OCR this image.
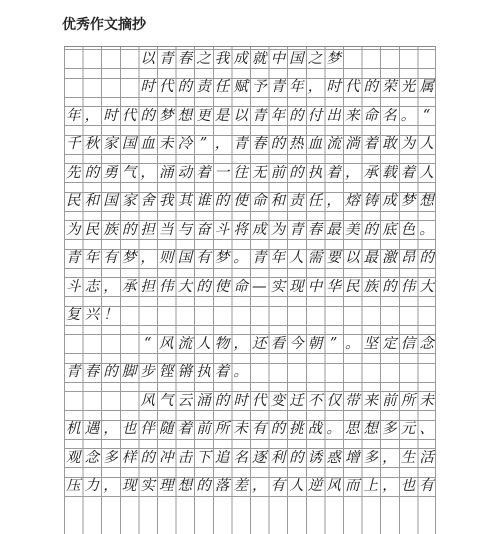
优秀作文摘抄
以 青 春 之 我 成 就 中 国 之 梦
时 代 的 责 任 赋 予 青 年 ， 时 代 的 荣 光 属
年 ， 时 代 的 梦 想 更 是 以 青 年 的 付 出 来 命 名 。 “
千 秋 家 国 血 未 冷 ” ， 青 春 的 热 血 流 淌 着 敢 为 人
先 的 勇 气 ， 涌 动 着 一 往 无 前 的 执 着 ， 承 载 着 人
民 和 国 家 舍 我 其 谁 的 使 命 和 责 任 ， 熔 铸 成 梦 想
为 民 族 的 担 当 与 奋 斗 将 成 为 青 春 最 美 的 底 色 。
青 年 有 梦 ， 则 国 有 梦 。 青 年 人 需 要 以 最 激 昂 的
斗 志 ， 承 担 伟 大 的 使 命 — 实 现 中 华 民 族 的 伟 大
复 兴 ！
“ 风 流 人 物 ， 还 看 今 朝 ” 。 坚 定 信 念
青 春 的 脚 步 铿 锵 执 着 。
风 气 云 涌 的 时 代 变 迁 不 仅 带 来 前 所 未
机 遇 ， 也 伴 随 着 前 所 未 有 的 挑 战 。 思 想 多 元 、
观 念 多 样 的 冲 击 下 追 名 逐 利 的 诱 惑 增 多 ， 生 活
压 力 ， 现 实 理 想 的 落 差 ， 有 人 逆 风 而 上 ， 也 有
